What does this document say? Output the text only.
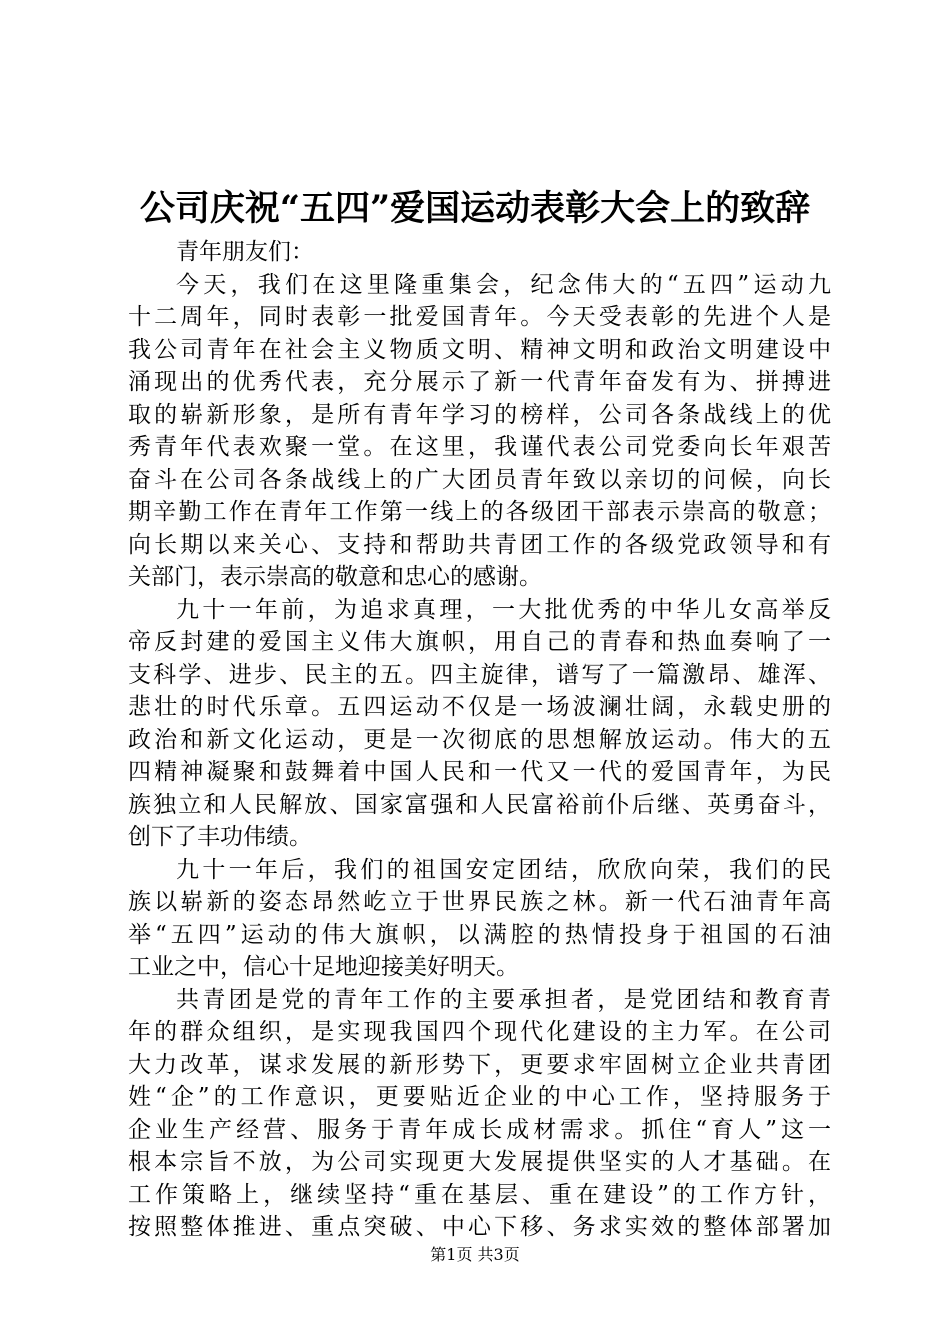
公司庆祝“五四”爱国运动表彰大会上的致辞
青年朋友们：
今天，我们在这里隆重集会，纪念伟大的“五四”运动九
十二周年，同时表彰一批爱国青年。今天受表彰的先进个人是
我公司青年在社会主义物质文明、精神文明和政治文明建设中
涌现出的优秀代表，充分展示了新一代青年奋发有为、拼搏进
取的崭新形象，是所有青年学习的榜样，公司各条战线上的优
秀青年代表欢聚一堂。在这里，我谨代表公司党委向长年艰苦
奋斗在公司各条战线上的广大团员青年致以亲切的问候，向长
期辛勤工作在青年工作第一线上的各级团干部表示崇高的敬意；
向长期以来关心、支持和帮助共青团工作的各级党政领导和有
关部门，表示崇高的敬意和忠心的感谢。
九十一年前，为追求真理，一大批优秀的中华儿女高举反
帝反封建的爱国主义伟大旗帜，用自己的青春和热血奏响了一
支科学、进步、民主的五。四主旋律，谱写了一篇激昂、雄浑、
悲壮的时代乐章。五四运动不仅是一场波澜壮阔，永载史册的
政治和新文化运动，更是一次彻底的思想解放运动。伟大的五
四精神凝聚和鼓舞着中国人民和一代又一代的爱国青年，为民
族独立和人民解放、国家富强和人民富裕前仆后继、英勇奋斗，
创下了丰功伟绩。
九十一年后，我们的祖国安定团结，欣欣向荣，我们的民
族以崭新的姿态昂然屹立于世界民族之林。新一代石油青年高
举“五四”运动的伟大旗帜，以满腔的热情投身于祖国的石油
工业之中，信心十足地迎接美好明天。
共青团是党的青年工作的主要承担者，是党团结和教育青
年的群众组织，是实现我国四个现代化建设的主力军。在公司
大力改革，谋求发展的新形势下，更要求牢固树立企业共青团
姓“企”的工作意识，更要贴近企业的中心工作，坚持服务于
企业生产经营、服务于青年成长成材需求。抓住“育人”这一
根本宗旨不放，为公司实现更大发展提供坚实的人才基础。在
工作策略上，继续坚持“重在基层、重在建设”的工作方针，
按照整体推进、重点突破、中心下移、务求实效的整体部署加
第1页 共3页
